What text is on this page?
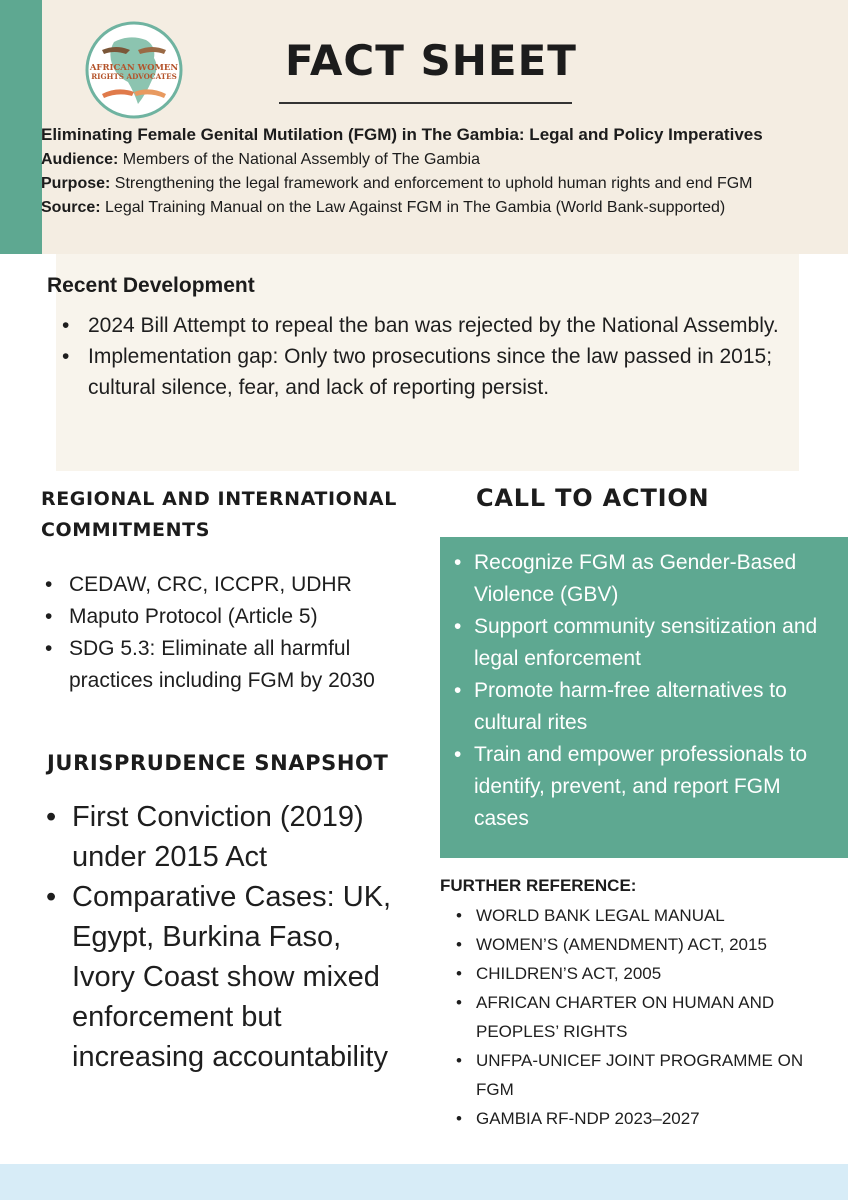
AFRICAN WOMEN
RIGHTS ADVOCATES	FACT SHEET
Eliminating Female Genital Mutilation (FGM) in The Gambia: Legal and Policy Imperatives
Audience: Members of the National Assembly of The Gambia
Purpose: Strengthening the legal framework and enforcement to uphold human rights and end FGM
Source: Legal Training Manual on the Law Against FGM in The Gambia (World Bank-supported)
Recent Development
• 2024 Bill Attempt to repeal the ban was rejected by the National Assembly.
• Implementation gap: Only two prosecutions since the law passed in 2015; cultural silence, fear, and lack of reporting persist.
REGIONAL AND INTERNATIONAL COMMITMENTS
• CEDAW, CRC, ICCPR, UDHR
• Maputo Protocol (Article 5)
• SDG 5.3: Eliminate all harmful practices including FGM by 2030
JURISPRUDENCE SNAPSHOT
• First Conviction (2019) under 2015 Act
• Comparative Cases: UK, Egypt, Burkina Faso, Ivory Coast show mixed enforcement but increasing accountability
CALL TO ACTION
• Recognize FGM as Gender-Based Violence (GBV)
• Support community sensitization and legal enforcement
• Promote harm-free alternatives to cultural rites
• Train and empower professionals to identify, prevent, and report FGM cases
FURTHER REFERENCE:
• WORLD BANK LEGAL MANUAL
• WOMEN’S (AMENDMENT) ACT, 2015
• CHILDREN’S ACT, 2005
• AFRICAN CHARTER ON HUMAN AND PEOPLES’ RIGHTS
• UNFPA-UNICEF JOINT PROGRAMME ON FGM
• GAMBIA RF-NDP 2023–2027
